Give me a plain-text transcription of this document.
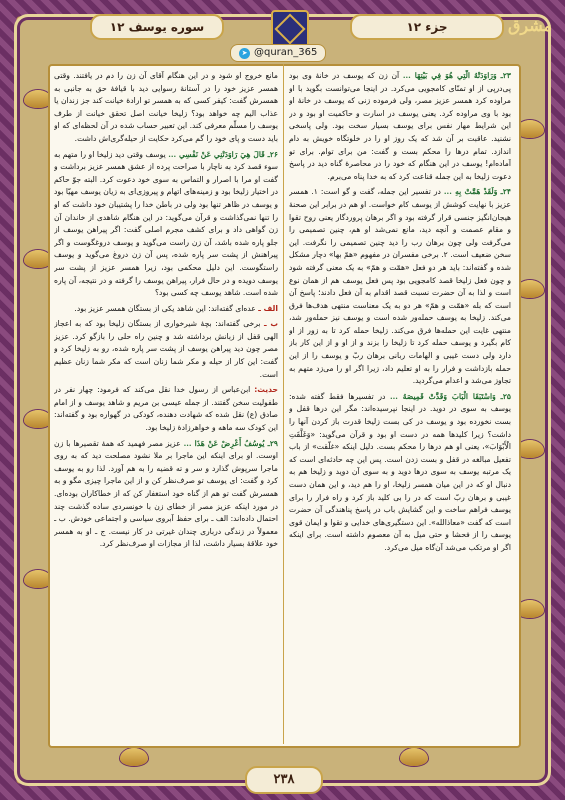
سوره یوسف ۱۲	جزء ۱۲	مشرق
➤ @quran_365

۲۳ـ وَرَاوَدَتْهُ الَّتِي هُوَ فِي بَيْتِهَا ... آن زن که یوسف در خانهٔ وی بود پی‌درپی از او تمنّای کامجویی می‌کرد. در اینجا می‌توانست بگوید با او مراوده کرد همسر عزیز مصر، ولی فرموده زنی که یوسف در خانهٔ او بود با وی مراوده کرد. یعنی یوسف در اسارت و حاکمیت او بود و در این شرایط مهار نفس برای یوسف بسیار سخت بود. ولی پاسخی نشنید. عاقبت بر آن شد که یک روز او را در خلوتگاه خویش به دام اندازد. تمام درها را محکم بست و گفت: من برای توام. برای تو آماده‌ام! یوسف در این هنگام که خود را در محاصرهٔ گناه دید در پاسخ دعوت زلیخا به این جمله قناعت کرد که به خدا پناه می‌برم.

۲۴ـ وَلَقَدْ هَمَّتْ بِهِ ... در تفسیر این جمله، گفت و گو است: ۱. همسر عزیز با نهایت کوشش از یوسف کام خواست. او هم در برابر این صحنهٔ هیجان‌انگیز جنسی قرار گرفته بود و اگر برهان پروردگار یعنی روح تقوا و مقام عصمت و آنچه دید، مانع نمی‌شد او هم، چنین تصمیمی را می‌گرفت ولی چون برهان رب را دید چنین تصمیمی را نگرفت. این سخن ضعیف است. ۲. برخی مفسران در مفهوم «همّ بها» دچار مشکل شده و گفته‌اند: باید هر دو فعل «همّت و همّ» به یک معنی گرفته شود و چون فعل زلیخا قصد کامجویی بود پس فعل یوسف هم از همان نوع است و لذا به آن حضرت نسبت قصد اقدام به آن فعل دادند؛ پاسخ آن است که بله «همّت و همّ» هر دو به یک معناست منتهی هدف‌ها فرق می‌کند. زلیخا به یوسف حمله‌ور شده است و یوسف نیز حمله‌ور شد، منتهی غایت این حمله‌ها فرق می‌کند. زلیخا حمله کرد تا به زور از او کام بگیرد و یوسف حمله کرد تا زلیخا را بزند و از او و از این کار باز دارد ولی دست غیبی و الهامات ربانی برهان ربّ و یوسف را از این حمله بازداشت و فرار را به او تعلیم داد، زیرا اگر او را می‌زد متهم به تجاوز می‌شد و اعدام می‌گردید.

۲۵ـ وَاسْتَبَقَا الْبَابَ وَقَدَّتْ قَمِيصَهُ ... در تفسیرها فقط گفته شده: یوسف به سوی در دوید. در اینجا نپرسیده‌اند: مگر این درها قفل و بست نخورده بود و یوسف در کی بست زلیخا قدرت باز کردن آنها را داشت؟ زیرا کلیدها همه در دست او بود و قرآن می‌گوید: «وَغَلَّقَتِ الْأَبْوَابَ»، یعنی او هم درها را محکم بست. دلیل اینکه «غلّقت» از باب تفعیل مبالغه در قفل و بست زدن است. پس این چه حادثه‌ای است که یک مرتبه یوسف به سوی درها دوید و به سوی آن دوید و زلیخا هم به دنبال او که در این میان همسر زلیخا، او را هم دید، و این همان دست غیبی و برهان ربّ است که در را بی کلید باز کرد و راه فرار را برای یوسف فراهم ساخت و این گشایش باب در پاسخ پناهندگی آن حضرت است که گفت «معاذالله». این دستگیری‌های خدایی و تقوا و ایمان قوی یوسف را از فحشا و حتی میل به آن معصوم داشته است. برای اینکه اگر او مرتکب می‌شد آن‌گاه میل می‌کرد.

مانع خروج او شود و در این هنگام آقای آن زن را دم در یافتند. وقتی همسر عزیز خود را در آستانهٔ رسوایی دید با قیافهٔ حق به جانبی به همسرش گفت: کیفر کسی که به همسر تو ارادهٔ خیانت کند جز زندان یا عذاب الیم چه خواهد بود؟ زلیخا خیانت اصل تحقق خیانت از طرف یوسف را مسلّم معرفی کند. این تعبیر حساب شده در آن لحظه‌ای که او باید دست و پای خود را گم می‌کرد حکایت از حیله‌گری‌اش داشت.

۲۶ـ قَالَ هِيَ رَاوَدَتْنِي عَنْ نَفْسِي ... یوسف وقتی دید زلیخا او را متهم به سوء قصد کرد به ناچار با صراحت پرده از عشق همسر عزیز برداشت و گفت او مرا با اصرار و التماس به سوی خود دعوت کرد. البته جوّ حاکم در اختیار زلیخا بود و زمینه‌های اتهام و پیروزی‌ای به زیان یوسف مهیّا بود و یوسف در ظاهر تنها بود ولی در باطن خدا را پشتیبان خود داشت که او را تنها نمی‌گذاشت و قرآن می‌گوید: در این هنگام شاهدی از خاندان آن زن گواهی داد و برای کشف مجرم اصلی گفت: اگر پیراهن یوسف از جلو پاره شده باشد، آن زن راست می‌گوید و یوسف دروغگوست و اگر پیراهنش از پشت سر پاره شده، پس آن زن دروغ می‌گوید و یوسف راستگوست. این دلیل محکمی بود، زیرا همسر عزیز از پشت سر یوسف دویده و در حال فرار، پیراهن یوسف را گرفته و در نتیجه، آن پاره شده است. شاهد یوسف چه کسی بود؟

الف ـ عده‌ای گفته‌اند: این شاهد یکی از بستگان همسر عزیز بود.

ب ـ برخی گفته‌اند: بچهٔ شیرخواری از بستگان زلیخا بود که به اعجاز الهی قفل از زبانش برداشته شد و چنین راه حلی را بازگو کرد. عزیز مصر چون دید پیراهن یوسف از پشت سر پاره شده، رو به زلیخا کرد و گفت: این کار از حیله و مکر شما زنان است که مکر شما زنان عظیم است.

حدیث: ابن‌عباس از رسول خدا نقل می‌کند که فرمود: چهار نفر در طفولیت سخن گفتند. از جمله عیسی بن مریم و شاهد یوسف و از امام صادق (ع) نقل شده که شهادت دهنده، کودکی در گهواره بود و گفته‌اند: این کودک سه ماهه و خواهرزادهٔ زلیخا بود.

۲۹ـ یُوسُفُ أَعْرِضْ عَنْ هَذَا ... عزیز مصر فهمید که همهٔ تقصیرها با زن اوست. او برای اینکه این ماجرا بر ملا نشود مصلحت دید که به روی ماجرا سرپوش گذارد و سر و ته قضیه را به هم آورد. لذا رو به یوسف کرد و گفت: ای یوسف تو صرف‌نظر کن و از این ماجرا چیزی مگو و به همسرش گفت تو هم از گناه خود استغفار کن که از خطاکاران بوده‌ای. در مورد اینکه عزیز مصر از خطای زن با خونسردی ساده گذشت چند احتمال داده‌اند: الف ـ برای حفظ آبروی سیاسی و اجتماعی خودش. ب ـ معمولاً در زندگی درباری چندان غیرتی در کار نیست. ج ـ او به همسر خود علاقهٔ بسیار داشت، لذا از مجازات او صرف‌نظر کرد.

۲۳۸
